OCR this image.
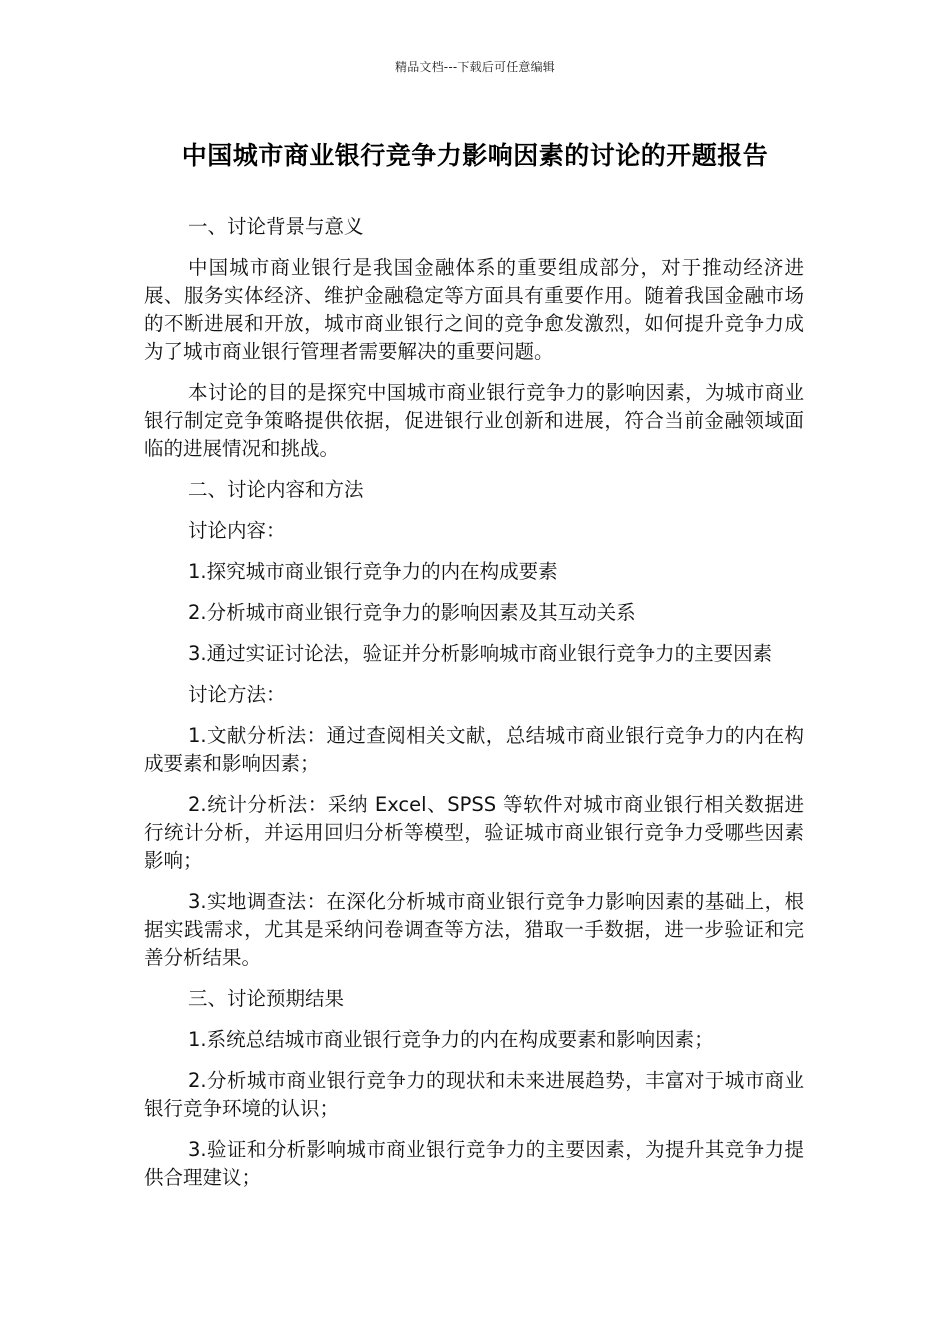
精品文档---下载后可任意编辑
中国城市商业银行竞争力影响因素的讨论的开题报告

一、讨论背景与意义

中国城市商业银行是我国金融体系的重要组成部分，对于推动经济进展、服务实体经济、维护金融稳定等方面具有重要作用。随着我国金融市场的不断进展和开放，城市商业银行之间的竞争愈发激烈，如何提升竞争力成为了城市商业银行管理者需要解决的重要问题。

本讨论的目的是探究中国城市商业银行竞争力的影响因素，为城市商业银行制定竞争策略提供依据，促进银行业创新和进展，符合当前金融领域面临的进展情况和挑战。

二、讨论内容和方法

讨论内容：

1.探究城市商业银行竞争力的内在构成要素

2.分析城市商业银行竞争力的影响因素及其互动关系

3.通过实证讨论法，验证并分析影响城市商业银行竞争力的主要因素

讨论方法：

1.文献分析法：通过查阅相关文献，总结城市商业银行竞争力的内在构成要素和影响因素；

2.统计分析法：采纳 Excel、SPSS 等软件对城市商业银行相关数据进行统计分析，并运用回归分析等模型，验证城市商业银行竞争力受哪些因素影响；

3.实地调查法：在深化分析城市商业银行竞争力影响因素的基础上，根据实践需求，尤其是采纳问卷调查等方法，猎取一手数据，进一步验证和完善分析结果。

三、讨论预期结果

1.系统总结城市商业银行竞争力的内在构成要素和影响因素；

2.分析城市商业银行竞争力的现状和未来进展趋势，丰富对于城市商业银行竞争环境的认识；

3.验证和分析影响城市商业银行竞争力的主要因素，为提升其竞争力提供合理建议；
